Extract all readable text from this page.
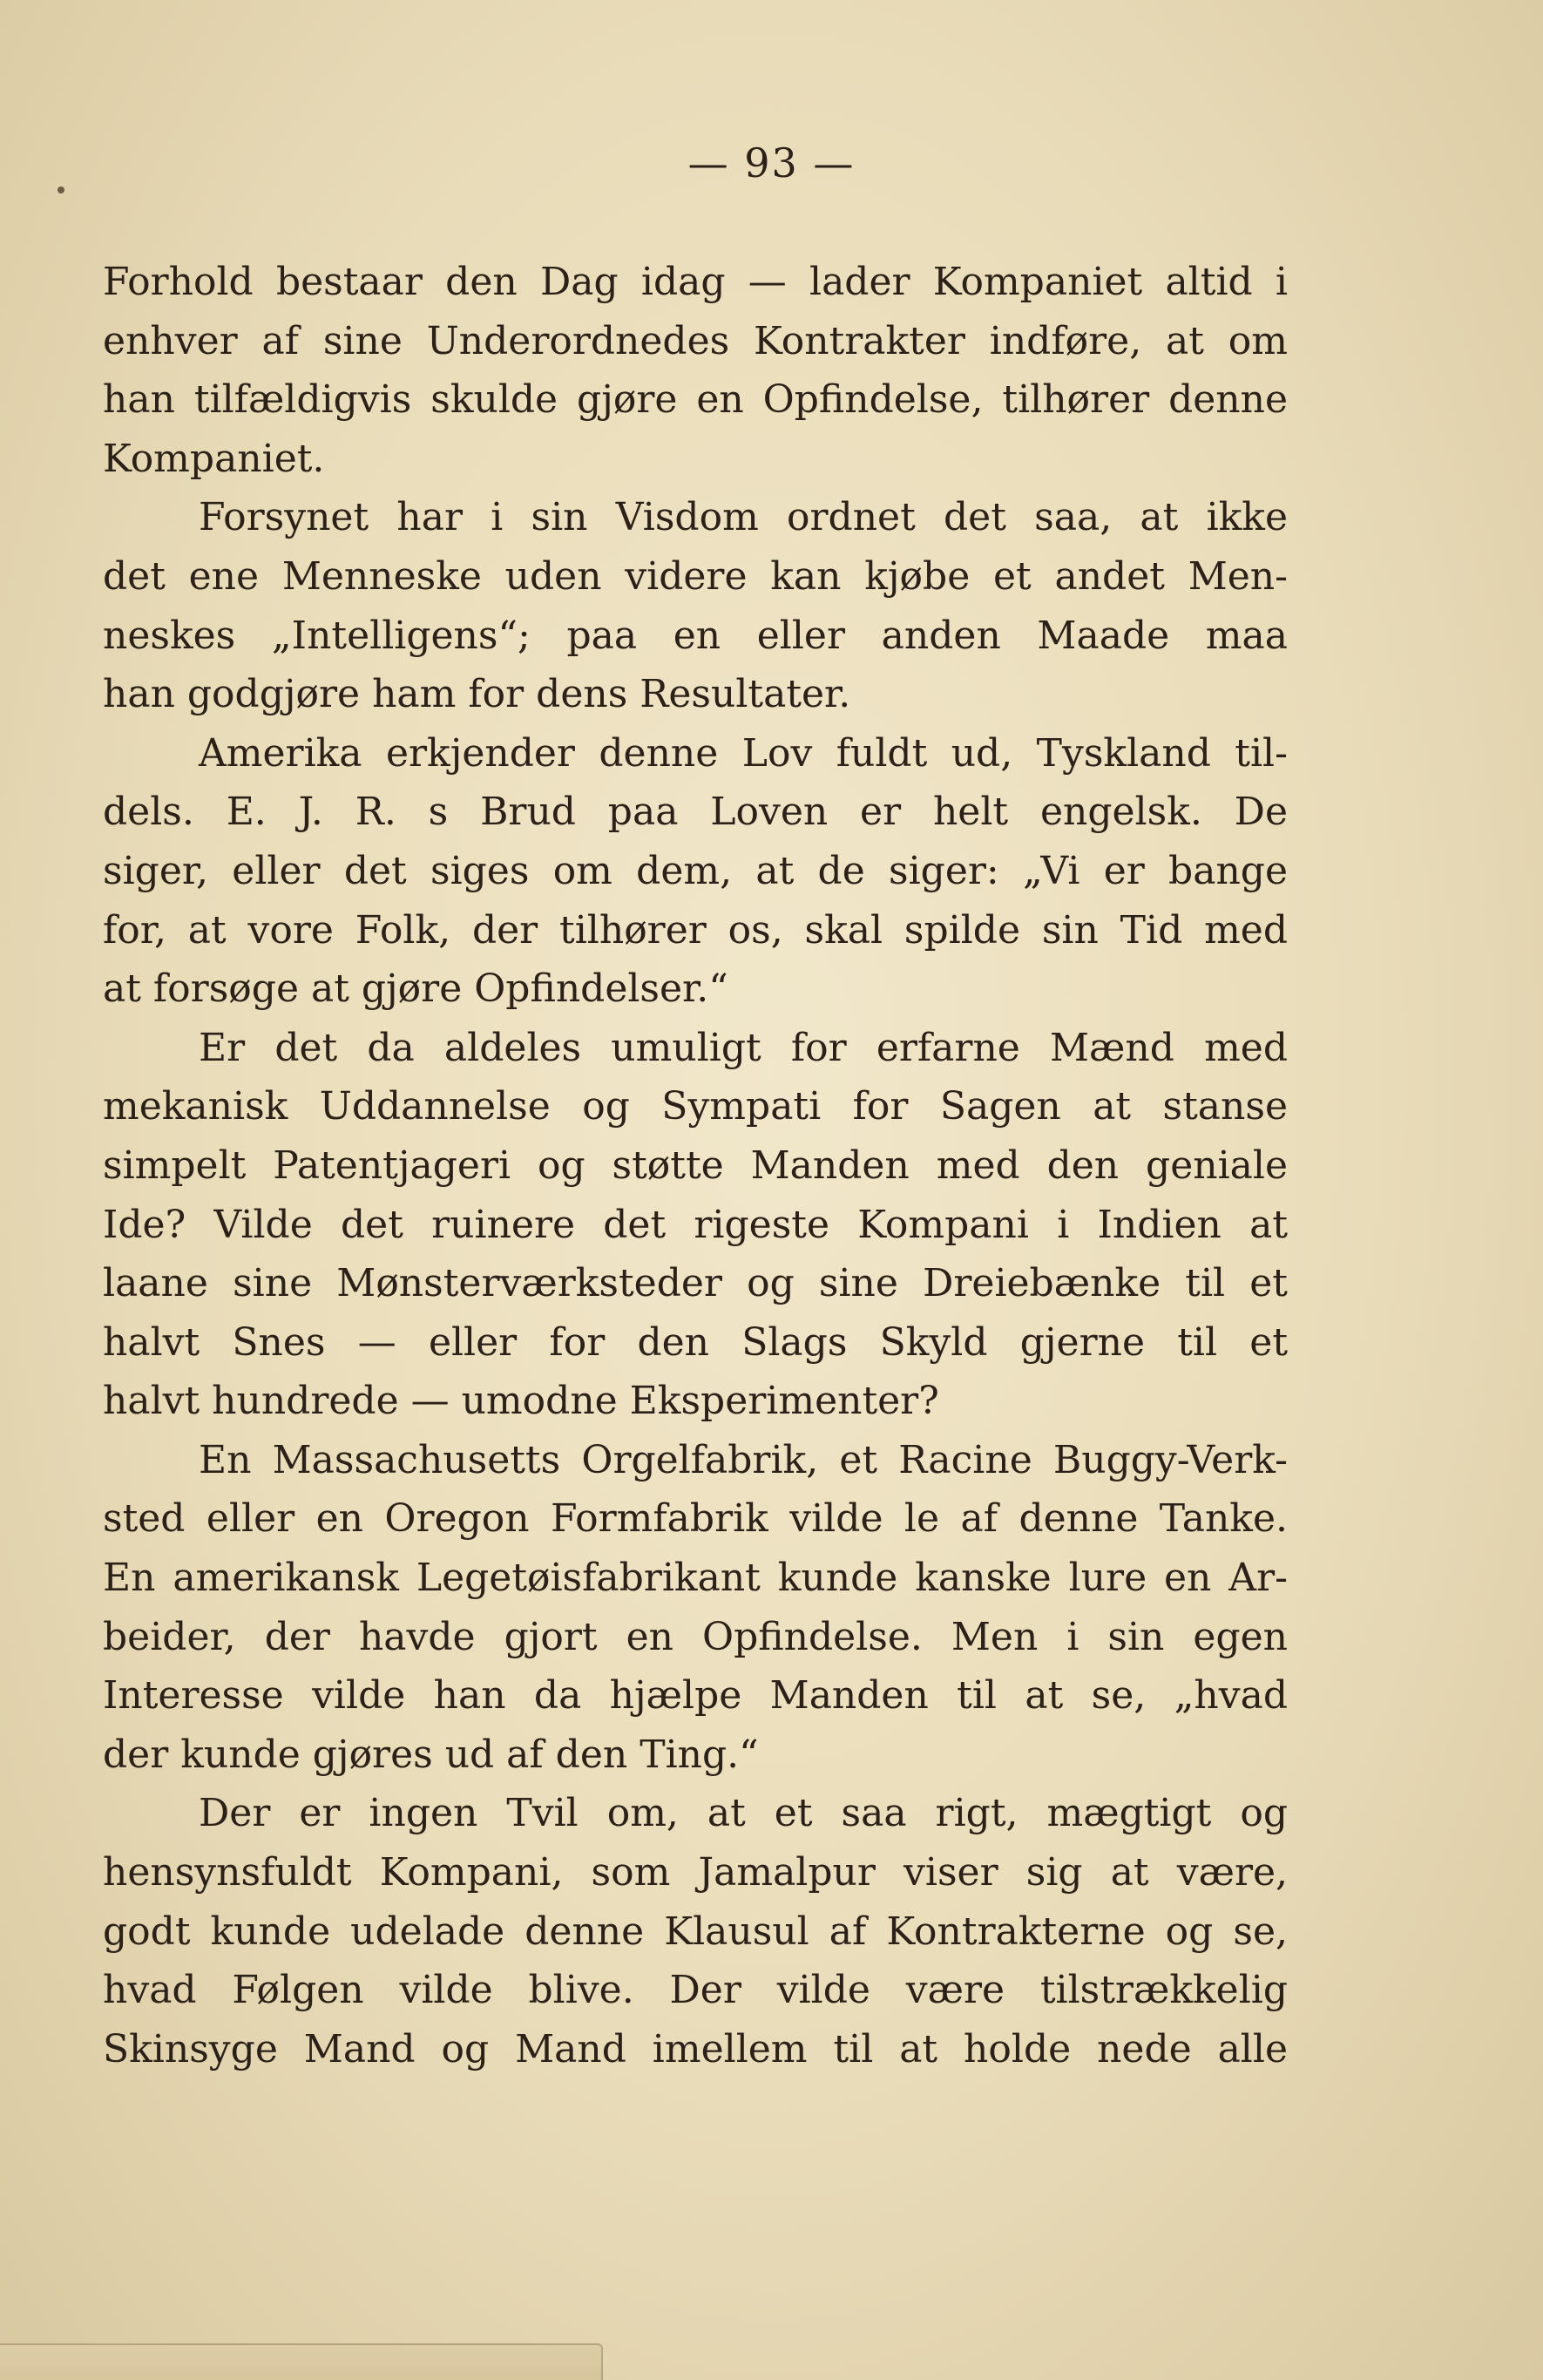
— 93 —
Forhold bestaar den Dag idag — lader Kompaniet altid i
enhver af sine Underordnedes Kontrakter indføre, at om
han tilfældigvis skulde gjøre en Opfindelse, tilhører denne
Kompaniet.
Forsynet har i sin Visdom ordnet det saa, at ikke
det ene Menneske uden videre kan kjøbe et andet Men-
neskes „Intelligens“; paa en eller anden Maade maa
han godgjøre ham for dens Resultater.
Amerika erkjender denne Lov fuldt ud, Tyskland til-
dels. E. J. R. s Brud paa Loven er helt engelsk. De
siger, eller det siges om dem, at de siger: „Vi er bange
for, at vore Folk, der tilhører os, skal spilde sin Tid med
at forsøge at gjøre Opfindelser.“
Er det da aldeles umuligt for erfarne Mænd med
mekanisk Uddannelse og Sympati for Sagen at stanse
simpelt Patentjageri og støtte Manden med den geniale
Ide? Vilde det ruinere det rigeste Kompani i Indien at
laane sine Mønsterværksteder og sine Dreiebænke til et
halvt Snes — eller for den Slags Skyld gjerne til et
halvt hundrede — umodne Eksperimenter?
En Massachusetts Orgelfabrik, et Racine Buggy-Verk-
sted eller en Oregon Formfabrik vilde le af denne Tanke.
En amerikansk Legetøisfabrikant kunde kanske lure en Ar-
beider, der havde gjort en Opfindelse. Men i sin egen
Interesse vilde han da hjælpe Manden til at se, „hvad
der kunde gjøres ud af den Ting.“
Der er ingen Tvil om, at et saa rigt, mægtigt og
hensynsfuldt Kompani, som Jamalpur viser sig at være,
godt kunde udelade denne Klausul af Kontrakterne og se,
hvad Følgen vilde blive. Der vilde være tilstrækkelig
Skinsyge Mand og Mand imellem til at holde nede alle
